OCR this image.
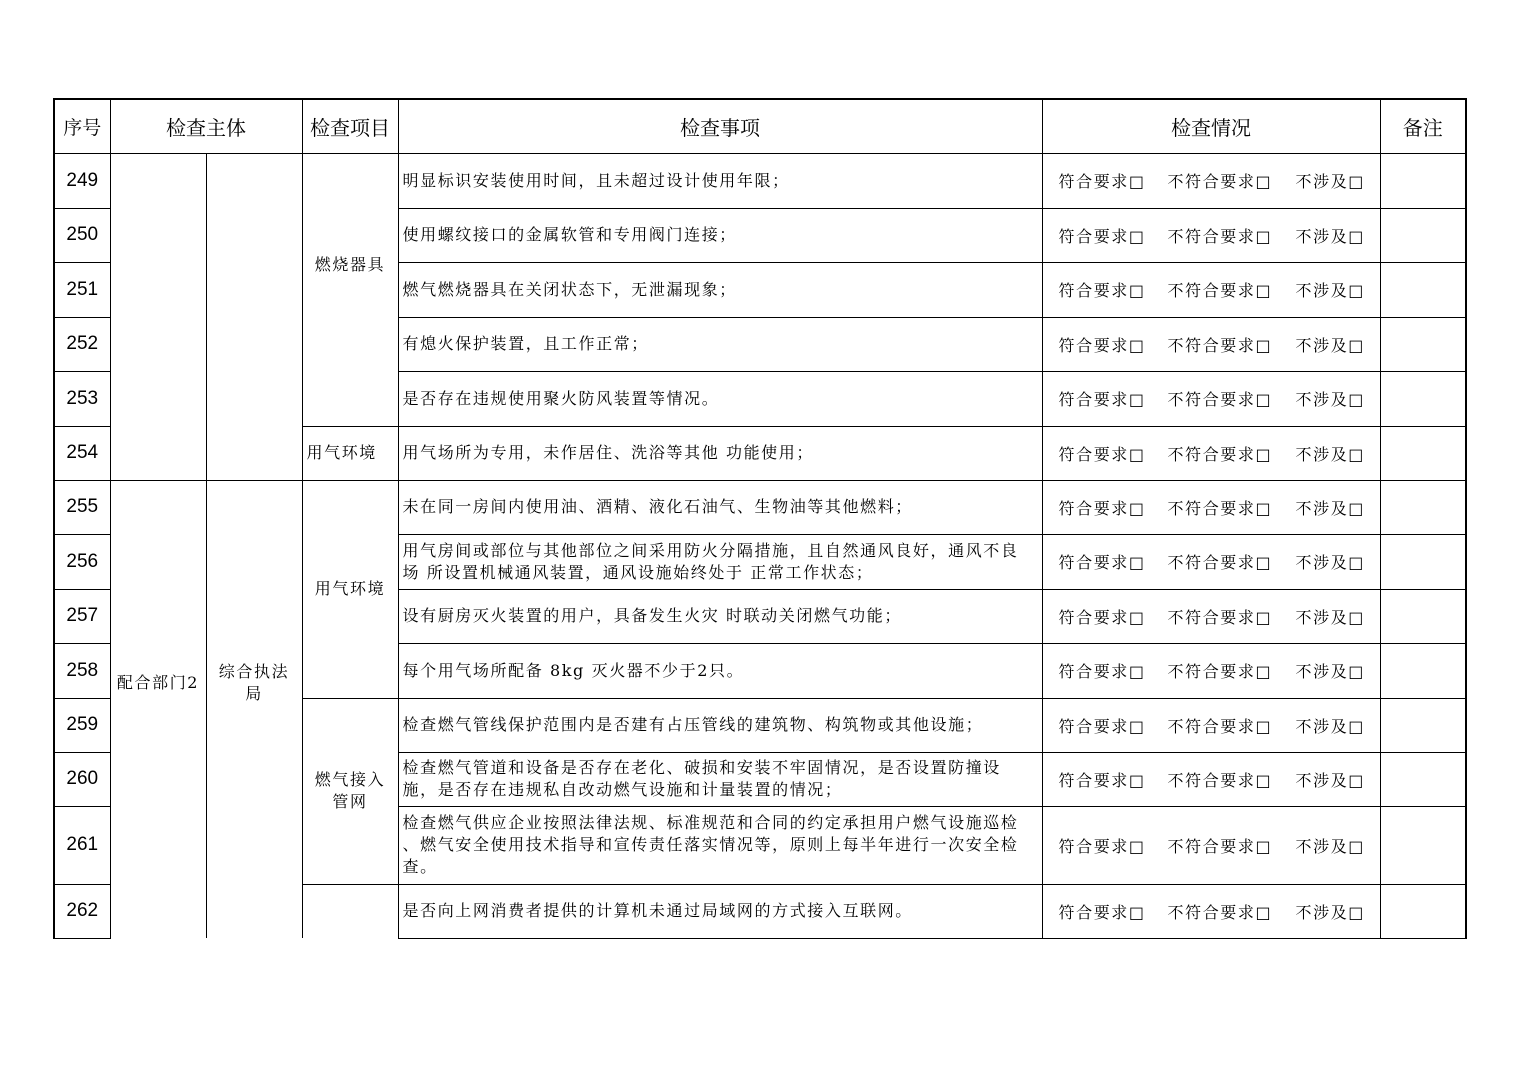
序号	检查主体		检查项目	检查事项	检查情况	备注
249			燃烧器具	明显标识安装使用时间，且未超过设计使用年限；	符合要求□ 不符合要求□ 不涉及□	
250				使用螺纹接口的金属软管和专用阀门连接；	符合要求□ 不符合要求□ 不涉及□	
251				燃气燃烧器具在关闭状态下，无泄漏现象；	符合要求□ 不符合要求□ 不涉及□	
252				有熄火保护装置，且工作正常；	符合要求□ 不符合要求□ 不涉及□	
253				是否存在违规使用聚火防风装置等情况。	符合要求□ 不符合要求□ 不涉及□	
254			用气环境	用气场所为专用，未作居住、洗浴等其他 功能使用；	符合要求□ 不符合要求□ 不涉及□	
255	配合部门2	综合执法
局	用气环境	未在同一房间内使用油、酒精、液化石油气、生物油等其他燃料；	符合要求□ 不符合要求□ 不涉及□	
256				用气房间或部位与其他部位之间采用防火分隔措施，且自然通风良好，通风不良
场 所设置机械通风装置，通风设施始终处于 正常工作状态；	符合要求□ 不符合要求□ 不涉及□	
257				设有厨房灭火装置的用户，具备发生火灾 时联动关闭燃气功能；	符合要求□ 不符合要求□ 不涉及□	
258				每个用气场所配备 8kg 灭火器不少于2只。	符合要求□ 不符合要求□ 不涉及□	
259			燃气接入
管网	检查燃气管线保护范围内是否建有占压管线的建筑物、构筑物或其他设施；	符合要求□ 不符合要求□ 不涉及□	
260				检查燃气管道和设备是否存在老化、破损和安装不牢固情况，是否设置防撞设
施，是否存在违规私自改动燃气设施和计量装置的情况；	符合要求□ 不符合要求□ 不涉及□	
261				检查燃气供应企业按照法律法规、标准规范和合同的约定承担用户燃气设施巡检
、燃气安全使用技术指导和宣传责任落实情况等，原则上每半年进行一次安全检
查。	符合要求□ 不符合要求□ 不涉及□	
262				是否向上网消费者提供的计算机未通过局域网的方式接入互联网。	符合要求□ 不符合要求□ 不涉及□	
